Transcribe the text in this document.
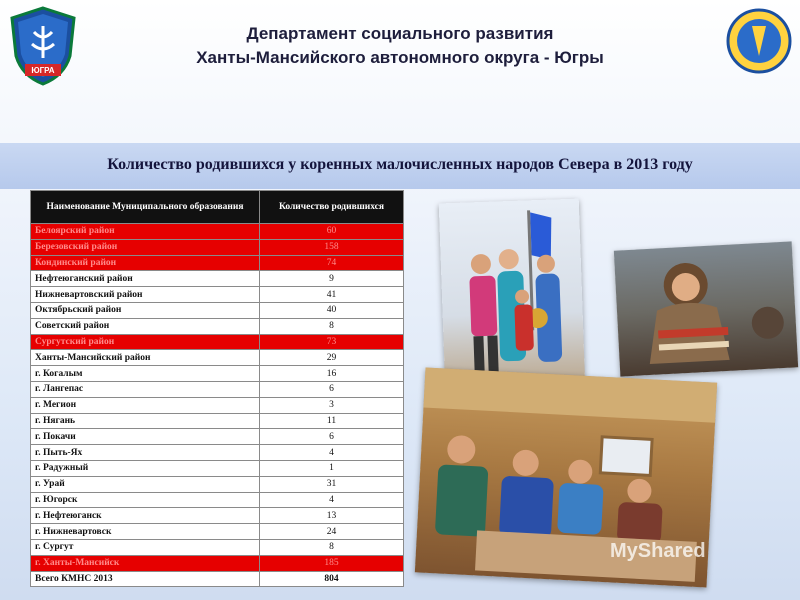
ЮГРА
Департамент социального развития
Ханты-Мансийского автономного округа - Югры
Количество родившихся у коренных малочисленных народов Севера в 2013 году
Наименование Муниципального образования	Количество родившихся
Белоярский район	60
Березовский район	158
Кондинский район	74
Нефтеюганский район	9
Нижневартовский район	41
Октябрьский район	40
Советский район	8
Сургутский район	73
Ханты-Мансийский район	29
г. Когалым	16
г. Лангепас	6
г. Мегион	3
г. Нягань	11
г. Покачи	6
г. Пыть-Ях	4
г. Радужный	1
г. Урай	31
г. Югорск	4
г. Нефтеюганск	13
г. Нижневартовск	24
г. Сургут	8
г. Ханты-Мансийск	185
Всего КМНС 2013	804
MyShared
